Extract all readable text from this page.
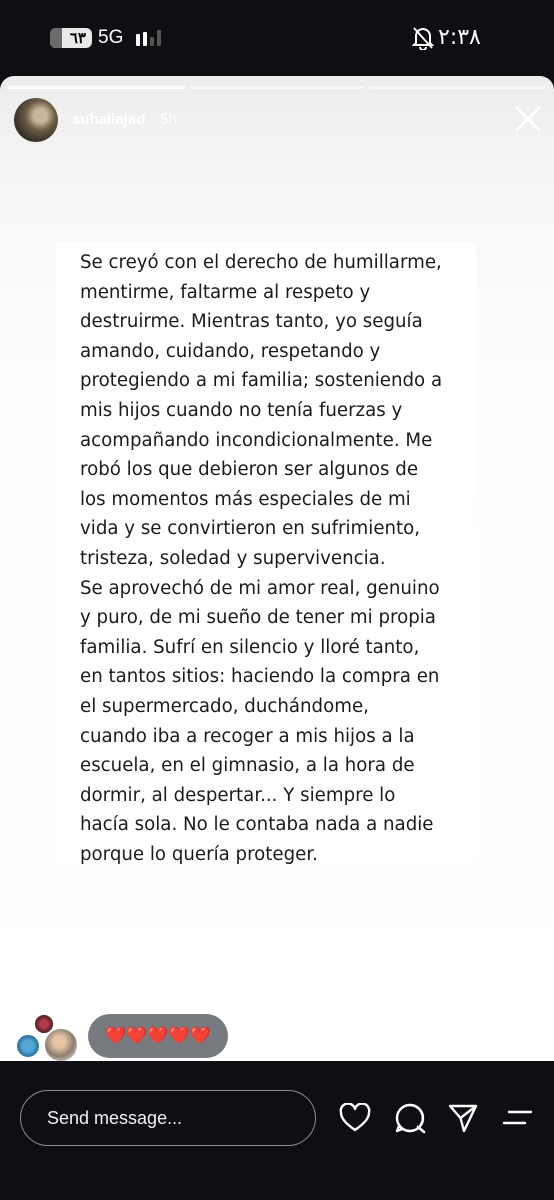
٦٣ 5G	٢:٣٨
suhailajad 5h
Se creyó con el derecho de humillarme,
mentirme, faltarme al respeto y
destruirme. Mientras tanto, yo seguía
amando, cuidando, respetando y
protegiendo a mi familia; sosteniendo a
mis hijos cuando no tenía fuerzas y
acompañando incondicionalmente. Me
robó los que debieron ser algunos de
los momentos más especiales de mi
vida y se convirtieron en sufrimiento,
tristeza, soledad y supervivencia.
Se aprovechó de mi amor real, genuino
y puro, de mi sueño de tener mi propia
familia. Sufrí en silencio y lloré tanto,
en tantos sitios: haciendo la compra en
el supermercado, duchándome,
cuando iba a recoger a mis hijos a la
escuela, en el gimnasio, a la hora de
dormir, al despertar... Y siempre lo
hacía sola. No le contaba nada a nadie
porque lo quería proteger.
❤️❤️❤️❤️❤️
Send message...
